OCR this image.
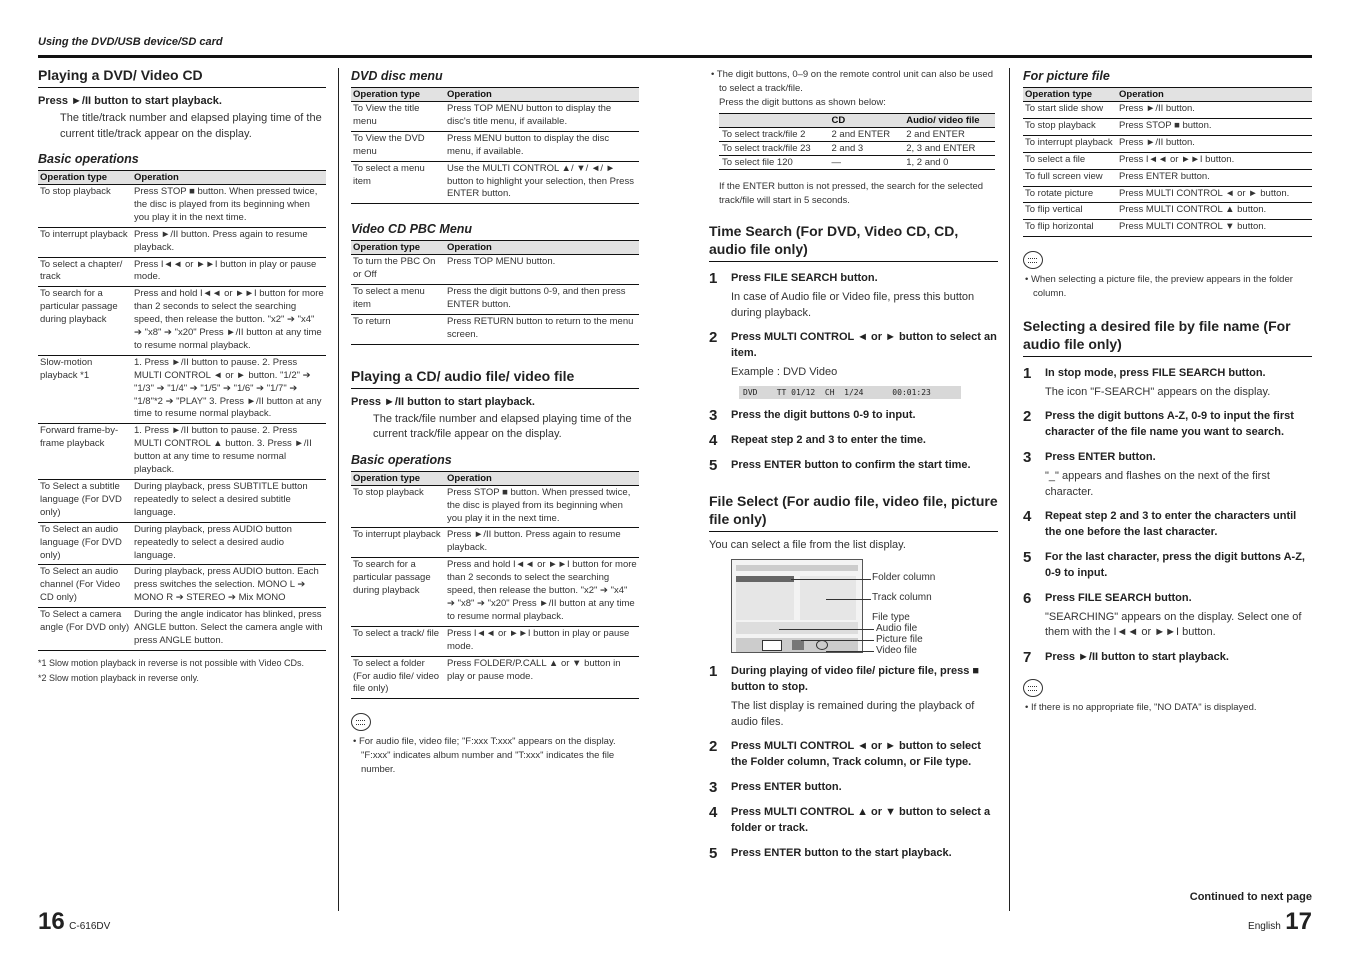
Using the DVD/USB device/SD card
Playing a DVD/ Video CD
Press ►/II button to start playback.
The title/track number and elapsed playing time of the current title/track appear on the display.
Basic operations
Operation type	Operation
To stop playback	Press STOP ■ button. When pressed twice, the disc is played from its beginning when you play it in the next time.
To interrupt playback	Press ►/II button. Press again to resume playback.
To select a chapter/ track	Press I◄◄ or ►►I button in play or pause mode.
To search for a particular passage during playback	Press and hold I◄◄ or ►►I button for more than 2 seconds to select the searching speed, then release the button. "x2" ➔ "x4" ➔ "x8" ➔ "x20" Press ►/II button at any time to resume normal playback.
Slow-motion playback *1	1. Press ►/II button to pause. 2. Press MULTI CONTROL ◄ or ► button. "1/2" ➔ "1/3" ➔ "1/4" ➔ "1/5" ➔ "1/6" ➔ "1/7" ➔ "1/8"*2 ➔ "PLAY" 3. Press ►/II button at any time to resume normal playback.
Forward frame-by-frame playback	1. Press ►/II button to pause. 2. Press MULTI CONTROL ▲ button. 3. Press ►/II button at any time to resume normal playback.
To Select a subtitle language (For DVD only)	During playback, press SUBTITLE button repeatedly to select a desired subtitle language.
To Select an audio language (For DVD only)	During playback, press AUDIO button repeatedly to select a desired audio language.
To Select an audio channel (For Video CD only)	During playback, press AUDIO button. Each press switches the selection. MONO L ➔ MONO R ➔ STEREO ➔ Mix MONO
To Select a camera angle (For DVD only)	During the angle indicator has blinked, press ANGLE button. Select the camera angle with press ANGLE button.
*1 Slow motion playback in reverse is not possible with Video CDs.
*2 Slow motion playback in reverse only.
DVD disc menu
Operation type	Operation
To View the title menu	Press TOP MENU button to display the disc's title menu, if available.
To View the DVD menu	Press MENU button to display the disc menu, if available.
To select a menu item	Use the MULTI CONTROL ▲/ ▼/ ◄/ ► button to highlight your selection, then Press ENTER button.
Video CD PBC Menu
Operation type	Operation
To turn the PBC On or Off	Press TOP MENU button.
To select a menu item	Press the digit buttons 0-9, and then press ENTER button.
To return	Press RETURN button to return to the menu screen.
Playing a CD/ audio file/ video file
Press ►/II button to start playback.
The track/file number and elapsed playing time of the current track/file appear on the display.
Basic operations
Operation type	Operation
To stop playback	Press STOP ■ button. When pressed twice, the disc is played from its beginning when you play it in the next time.
To interrupt playback	Press ►/II button. Press again to resume playback.
To search for a particular passage during playback	Press and hold I◄◄ or ►►I button for more than 2 seconds to select the searching speed, then release the button. "x2" ➔ "x4" ➔ "x8" ➔ "x20" Press ►/II button at any time to resume normal playback.
To select a track/ file	Press I◄◄ or ►►I button in play or pause mode.
To select a folder (For audio file/ video file only)	Press FOLDER/P.CALL ▲ or ▼ button in play or pause mode.
• For audio file, video file; "F:xxx T:xxx" appears on the display. "F:xxx" indicates album number and "T:xxx" indicates the file number.
• The digit buttons, 0–9 on the remote control unit can also be used to select a track/file.
Press the digit buttons as shown below:
	CD	Audio/ video file
To select track/file 2	2 and ENTER	2 and ENTER
To select track/file 23	2 and 3	2, 3 and ENTER
To select file 120	—	1, 2 and 0
If the ENTER button is not pressed, the search for the selected track/file will start in 5 seconds.
Time Search (For DVD, Video CD, CD, audio file only)
1	Press FILE SEARCH button.
In case of Audio file or Video file, press this button during playback.
2	Press MULTI CONTROL ◄ or ► button to select an item.
Example : DVD Video
DVD    TT 01/12  CH  1/24      00:01:23
3	Press the digit buttons 0-9 to input.
4	Repeat step 2 and 3 to enter the time.
5	Press ENTER button to confirm the start time.
File Select (For audio file, video file, picture file only)
You can select a file from the list display.
Folder column
Track column
File type
Audio file
Picture file
Video file
1	During playing of video file/ picture file, press ■ button to stop.
The list display is remained during the playback of audio files.
2	Press MULTI CONTROL ◄ or ► button to select the Folder column, Track column, or File type.
3	Press ENTER button.
4	Press MULTI CONTROL ▲ or ▼ button to select a folder or track.
5	Press ENTER button to the start playback.
For picture file
Operation type	Operation
To start slide show	Press ►/II button.
To stop playback	Press STOP ■ button.
To interrupt playback	Press ►/II button.
To select a file	Press I◄◄ or ►►I button.
To full screen view	Press ENTER button.
To rotate picture	Press MULTI CONTROL ◄ or ► button.
To flip vertical	Press MULTI CONTROL ▲ button.
To flip horizontal	Press MULTI CONTROL ▼ button.
• When selecting a picture file, the preview appears in the folder column.
Selecting a desired file by file name (For audio file only)
1	In stop mode, press FILE SEARCH button.
The icon "F-SEARCH" appears on the display.
2	Press the digit buttons A-Z, 0-9 to input the first character of the file name you want to search.
3	Press ENTER button.
"_" appears and flashes on the next of the first character.
4	Repeat step 2 and 3 to enter the characters until the one before the last character.
5	For the last character, press the digit buttons A-Z, 0-9 to input.
6	Press FILE SEARCH button.
"SEARCHING" appears on the display. Select one of them with the I◄◄ or ►►I button.
7	Press ►/II button to start playback.
• If there is no appropriate file, "NO DATA" is displayed.
Continued to next page
16 C-616DV	English 17
